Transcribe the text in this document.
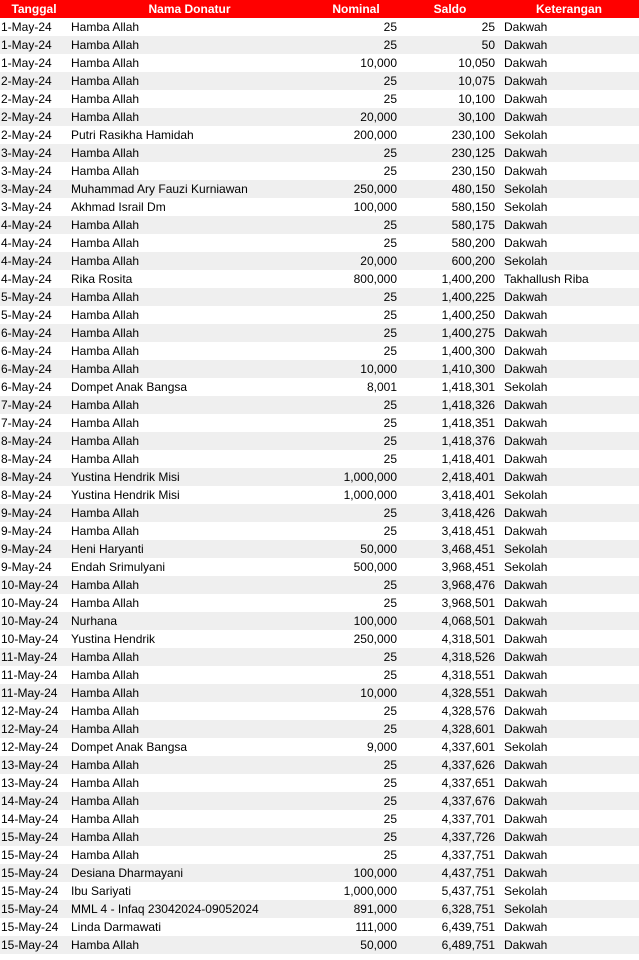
Tanggal	Nama Donatur	Nominal	Saldo	Keterangan
1-May-24	Hamba Allah	25	25	Dakwah
1-May-24	Hamba Allah	25	50	Dakwah
1-May-24	Hamba Allah	10,000	10,050	Dakwah
2-May-24	Hamba Allah	25	10,075	Dakwah
2-May-24	Hamba Allah	25	10,100	Dakwah
2-May-24	Hamba Allah	20,000	30,100	Dakwah
2-May-24	Putri Rasikha Hamidah	200,000	230,100	Sekolah
3-May-24	Hamba Allah	25	230,125	Dakwah
3-May-24	Hamba Allah	25	230,150	Dakwah
3-May-24	Muhammad Ary Fauzi Kurniawan	250,000	480,150	Sekolah
3-May-24	Akhmad Israil Dm	100,000	580,150	Sekolah
4-May-24	Hamba Allah	25	580,175	Dakwah
4-May-24	Hamba Allah	25	580,200	Dakwah
4-May-24	Hamba Allah	20,000	600,200	Sekolah
4-May-24	Rika Rosita	800,000	1,400,200	Takhallush Riba
5-May-24	Hamba Allah	25	1,400,225	Dakwah
5-May-24	Hamba Allah	25	1,400,250	Dakwah
6-May-24	Hamba Allah	25	1,400,275	Dakwah
6-May-24	Hamba Allah	25	1,400,300	Dakwah
6-May-24	Hamba Allah	10,000	1,410,300	Dakwah
6-May-24	Dompet Anak Bangsa	8,001	1,418,301	Sekolah
7-May-24	Hamba Allah	25	1,418,326	Dakwah
7-May-24	Hamba Allah	25	1,418,351	Dakwah
8-May-24	Hamba Allah	25	1,418,376	Dakwah
8-May-24	Hamba Allah	25	1,418,401	Dakwah
8-May-24	Yustina Hendrik Misi	1,000,000	2,418,401	Dakwah
8-May-24	Yustina Hendrik Misi	1,000,000	3,418,401	Sekolah
9-May-24	Hamba Allah	25	3,418,426	Dakwah
9-May-24	Hamba Allah	25	3,418,451	Dakwah
9-May-24	Heni Haryanti	50,000	3,468,451	Sekolah
9-May-24	Endah Srimulyani	500,000	3,968,451	Sekolah
10-May-24	Hamba Allah	25	3,968,476	Dakwah
10-May-24	Hamba Allah	25	3,968,501	Dakwah
10-May-24	Nurhana	100,000	4,068,501	Dakwah
10-May-24	Yustina Hendrik	250,000	4,318,501	Dakwah
11-May-24	Hamba Allah	25	4,318,526	Dakwah
11-May-24	Hamba Allah	25	4,318,551	Dakwah
11-May-24	Hamba Allah	10,000	4,328,551	Dakwah
12-May-24	Hamba Allah	25	4,328,576	Dakwah
12-May-24	Hamba Allah	25	4,328,601	Dakwah
12-May-24	Dompet Anak Bangsa	9,000	4,337,601	Sekolah
13-May-24	Hamba Allah	25	4,337,626	Dakwah
13-May-24	Hamba Allah	25	4,337,651	Dakwah
14-May-24	Hamba Allah	25	4,337,676	Dakwah
14-May-24	Hamba Allah	25	4,337,701	Dakwah
15-May-24	Hamba Allah	25	4,337,726	Dakwah
15-May-24	Hamba Allah	25	4,337,751	Dakwah
15-May-24	Desiana Dharmayani	100,000	4,437,751	Dakwah
15-May-24	Ibu Sariyati	1,000,000	5,437,751	Sekolah
15-May-24	MML 4 - Infaq 23042024-09052024	891,000	6,328,751	Sekolah
15-May-24	Linda Darmawati	111,000	6,439,751	Dakwah
15-May-24	Hamba Allah	50,000	6,489,751	Dakwah
